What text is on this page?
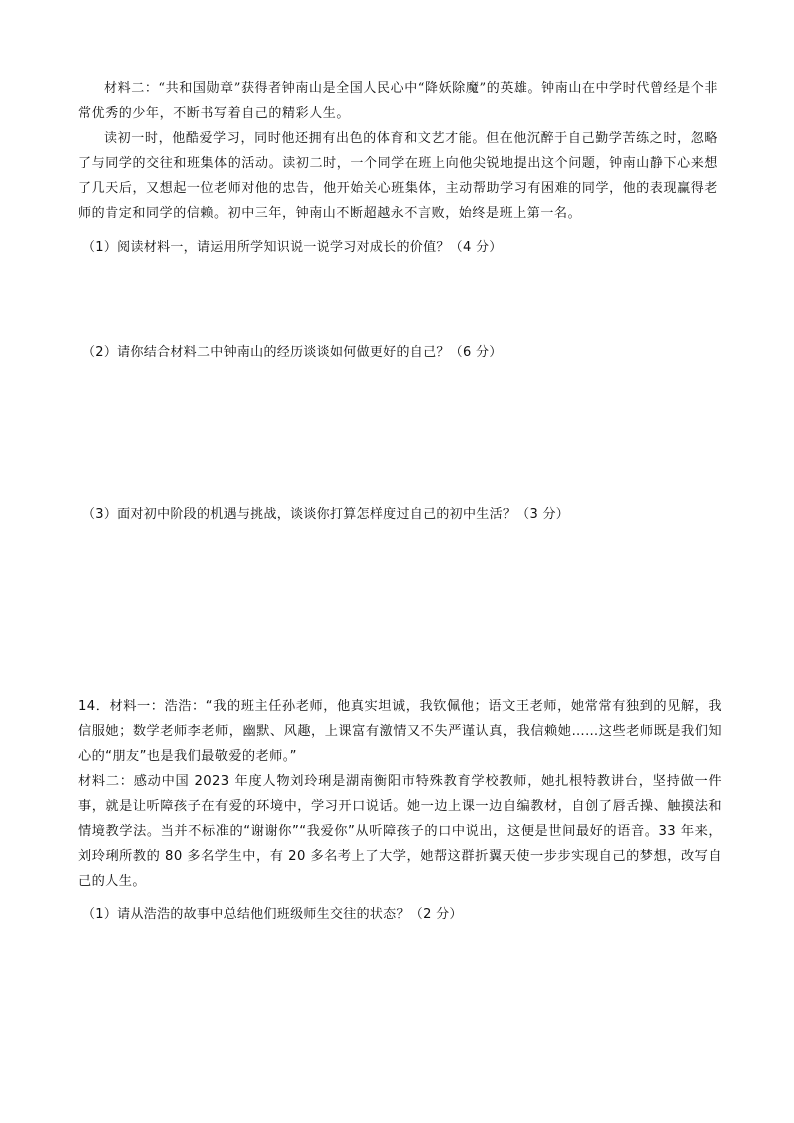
材料二：“共和国勋章”获得者钟南山是全国人民心中“降妖除魔”的英雄。钟南山在中学时代曾经是个非常优秀的少年，不断书写着自己的精彩人生。

读初一时，他酷爱学习，同时他还拥有出色的体育和文艺才能。但在他沉醉于自己勤学苦练之时，忽略了与同学的交往和班集体的活动。读初二时，一个同学在班上向他尖锐地提出这个问题，钟南山静下心来想了几天后，又想起一位老师对他的忠告，他开始关心班集体，主动帮助学习有困难的同学，他的表现赢得老师的肯定和同学的信赖。初中三年，钟南山不断超越永不言败，始终是班上第一名。

（1）阅读材料一，请运用所学知识说一说学习对成长的价值？（4 分）
（2）请你结合材料二中钟南山的经历谈谈如何做更好的自己？（6 分）
（3）面对初中阶段的机遇与挑战，谈谈你打算怎样度过自己的初中生活？（3 分）

14．材料一：浩浩：“我的班主任孙老师，他真实坦诚，我钦佩他；语文王老师，她常常有独到的见解，我信服她；数学老师李老师，幽默、风趣，上课富有激情又不失严谨认真，我信赖她……这些老师既是我们知心的“朋友”也是我们最敬爱的老师。”

材料二：感动中国 2023 年度人物刘玲琍是湖南衡阳市特殊教育学校教师，她扎根特教讲台，坚持做一件事，就是让听障孩子在有爱的环境中，学习开口说话。她一边上课一边自编教材，自创了唇舌操、触摸法和情境教学法。当并不标准的“谢谢你”“我爱你”从听障孩子的口中说出，这便是世间最好的语音。33 年来，刘玲琍所教的 80 多名学生中，有 20 多名考上了大学，她帮这群折翼天使一步步实现自己的梦想，改写自己的人生。

（1）请从浩浩的故事中总结他们班级师生交往的状态？（2 分）
